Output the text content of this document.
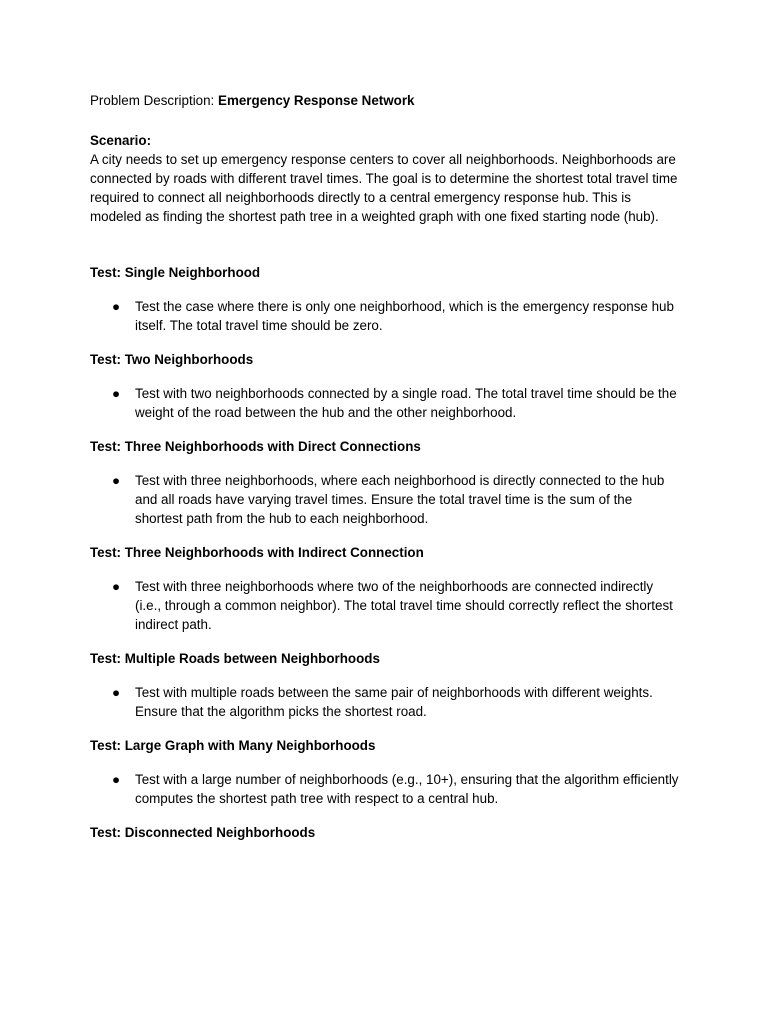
Problem Description: Emergency Response Network

Scenario:

A city needs to set up emergency response centers to cover all neighborhoods. Neighborhoods are connected by roads with different travel times. The goal is to determine the shortest total travel time required to connect all neighborhoods directly to a central emergency response hub. This is modeled as finding the shortest path tree in a weighted graph with one fixed starting node (hub).

Test: Single Neighborhood

● Test the case where there is only one neighborhood, which is the emergency response hub itself. The total travel time should be zero.

Test: Two Neighborhoods

● Test with two neighborhoods connected by a single road. The total travel time should be the weight of the road between the hub and the other neighborhood.

Test: Three Neighborhoods with Direct Connections

● Test with three neighborhoods, where each neighborhood is directly connected to the hub and all roads have varying travel times. Ensure the total travel time is the sum of the shortest path from the hub to each neighborhood.

Test: Three Neighborhoods with Indirect Connection

● Test with three neighborhoods where two of the neighborhoods are connected indirectly (i.e., through a common neighbor). The total travel time should correctly reflect the shortest indirect path.

Test: Multiple Roads between Neighborhoods

● Test with multiple roads between the same pair of neighborhoods with different weights. Ensure that the algorithm picks the shortest road.

Test: Large Graph with Many Neighborhoods

● Test with a large number of neighborhoods (e.g., 10+), ensuring that the algorithm efficiently computes the shortest path tree with respect to a central hub.

Test: Disconnected Neighborhoods
